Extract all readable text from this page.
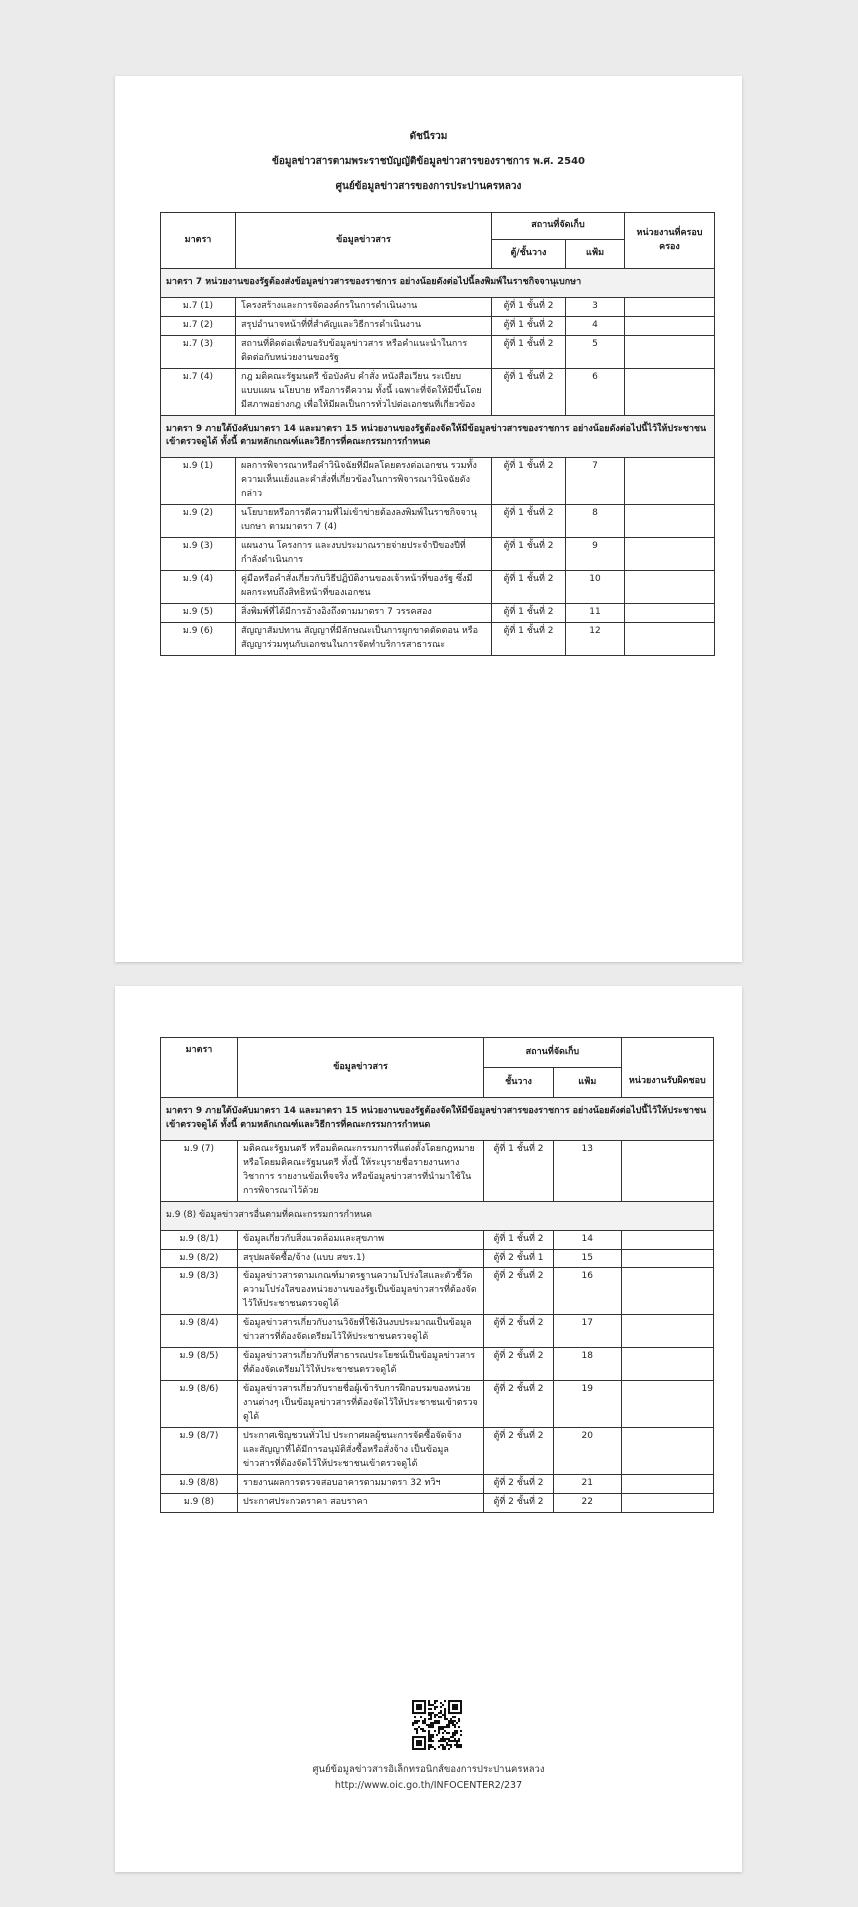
ดัชนีรวม
ข้อมูลข่าวสารตามพระราชบัญญัติข้อมูลข่าวสารของราชการ พ.ศ. 2540
ศูนย์ข้อมูลข่าวสารของการประปานครหลวง
มาตรา	ข้อมูลข่าวสาร	สถานที่จัดเก็บ		หน่วยงานที่ครอบครอง
		ตู้/ชั้นวาง	แฟ้ม	
มาตรา 7 หน่วยงานของรัฐต้องส่งข้อมูลข่าวสารของราชการ อย่างน้อยดังต่อไปนี้ลงพิมพ์ในราชกิจจานุเบกษา				
ม.7 (1)	โครงสร้างและการจัดองค์กรในการดำเนินงาน	ตู้ที่ 1 ชั้นที่ 2	3	
ม.7 (2)	สรุปอำนาจหน้าที่ที่สำคัญและวิธีการดำเนินงาน	ตู้ที่ 1 ชั้นที่ 2	4	
ม.7 (3)	สถานที่ติดต่อเพื่อขอรับข้อมูลข่าวสาร หรือคำแนะนำในการติดต่อกับหน่วยงานของรัฐ	ตู้ที่ 1 ชั้นที่ 2	5	
ม.7 (4)	กฎ มติคณะรัฐมนตรี ข้อบังคับ คำสั่ง หนังสือเวียน ระเบียบ แบบแผน นโยบาย หรือการตีความ ทั้งนี้ เฉพาะที่จัดให้มีขึ้นโดยมีสภาพอย่างกฎ เพื่อให้มีผลเป็นการทั่วไปต่อเอกชนที่เกี่ยวข้อง	ตู้ที่ 1 ชั้นที่ 2	6	
มาตรา 9 ภายใต้บังคับมาตรา 14 และมาตรา 15 หน่วยงานของรัฐต้องจัดให้มีข้อมูลข่าวสารของราชการ อย่างน้อยดังต่อไปนี้ไว้ให้ประชาชนเข้าตรวจดูได้ ทั้งนี้ ตามหลักเกณฑ์และวิธีการที่คณะกรรมการกำหนด				
ม.9 (1)	ผลการพิจารณาหรือคำวินิจฉัยที่มีผลโดยตรงต่อเอกชน รวมทั้งความเห็นแย้งและคำสั่งที่เกี่ยวข้องในการพิจารณาวินิจฉัยดังกล่าว	ตู้ที่ 1 ชั้นที่ 2	7	
ม.9 (2)	นโยบายหรือการตีความที่ไม่เข้าข่ายต้องลงพิมพ์ในราชกิจจานุเบกษา ตามมาตรา 7 (4)	ตู้ที่ 1 ชั้นที่ 2	8	
ม.9 (3)	แผนงาน โครงการ และงบประมาณรายจ่ายประจำปีของปีที่กำลังดำเนินการ	ตู้ที่ 1 ชั้นที่ 2	9	
ม.9 (4)	คู่มือหรือคำสั่งเกี่ยวกับวิธีปฏิบัติงานของเจ้าหน้าที่ของรัฐ ซึ่งมีผลกระทบถึงสิทธิหน้าที่ของเอกชน	ตู้ที่ 1 ชั้นที่ 2	10	
ม.9 (5)	สิ่งพิมพ์ที่ได้มีการอ้างอิงถึงตามมาตรา 7 วรรคสอง	ตู้ที่ 1 ชั้นที่ 2	11	
ม.9 (6)	สัญญาสัมปทาน สัญญาที่มีลักษณะเป็นการผูกขาดตัดตอน หรือสัญญาร่วมทุนกับเอกชนในการจัดทำบริการสาธารณะ	ตู้ที่ 1 ชั้นที่ 2	12	
มาตรา	ข้อมูลข่าวสาร	สถานที่จัดเก็บ		หน่วยงานรับผิดชอบ
		ชั้นวาง	แฟ้ม	
มาตรา 9 ภายใต้บังคับมาตรา 14 และมาตรา 15 หน่วยงานของรัฐต้องจัดให้มีข้อมูลข่าวสารของราชการ อย่างน้อยดังต่อไปนี้ไว้ให้ประชาชนเข้าตรวจดูได้ ทั้งนี้ ตามหลักเกณฑ์และวิธีการที่คณะกรรมการกำหนด				
ม.9 (7)	มติคณะรัฐมนตรี หรือมติคณะกรรมการที่แต่งตั้งโดยกฎหมาย หรือโดยมติคณะรัฐมนตรี ทั้งนี้ ให้ระบุรายชื่อรายงานทางวิชาการ รายงานข้อเท็จจริง หรือข้อมูลข่าวสารที่นำมาใช้ในการพิจารณาไว้ด้วย	ตู้ที่ 1 ชั้นที่ 2	13	
ม.9 (8) ข้อมูลข่าวสารอื่นตามที่คณะกรรมการกำหนด				
ม.9 (8/1)	ข้อมูลเกี่ยวกับสิ่งแวดล้อมและสุขภาพ	ตู้ที่ 1 ชั้นที่ 2	14	
ม.9 (8/2)	สรุปผลจัดซื้อ/จ้าง (แบบ สขร.1)	ตู้ที่ 2 ชั้นที่ 1	15	
ม.9 (8/3)	ข้อมูลข่าวสารตามเกณฑ์มาตรฐานความโปร่งใสและตัวชี้วัดความโปร่งใสของหน่วยงานของรัฐเป็นข้อมูลข่าวสารที่ต้องจัดไว้ให้ประชาชนตรวจดูได้	ตู้ที่ 2 ชั้นที่ 2	16	
ม.9 (8/4)	ข้อมูลข่าวสารเกี่ยวกับงานวิจัยที่ใช้เงินงบประมาณเป็นข้อมูลข่าวสารที่ต้องจัดเตรียมไว้ให้ประชาชนตรวจดูได้	ตู้ที่ 2 ชั้นที่ 2	17	
ม.9 (8/5)	ข้อมูลข่าวสารเกี่ยวกับที่สาธารณประโยชน์เป็นข้อมูลข่าวสารที่ต้องจัดเตรียมไว้ให้ประชาชนตรวจดูได้	ตู้ที่ 2 ชั้นที่ 2	18	
ม.9 (8/6)	ข้อมูลข่าวสารเกี่ยวกับรายชื่อผู้เข้ารับการฝึกอบรมของหน่วยงานต่างๆ เป็นข้อมูลข่าวสารที่ต้องจัดไว้ให้ประชาชนเข้าตรวจดูได้	ตู้ที่ 2 ชั้นที่ 2	19	
ม.9 (8/7)	ประกาศเชิญชวนทั่วไป ประกาศผลผู้ชนะการจัดซื้อจัดจ้าง และสัญญาที่ได้มีการอนุมัติสั่งซื้อหรือสั่งจ้าง เป็นข้อมูลข่าวสารที่ต้องจัดไว้ให้ประชาชนเข้าตรวจดูได้	ตู้ที่ 2 ชั้นที่ 2	20	
ม.9 (8/8)	รายงานผลการตรวจสอบอาคารตามมาตรา 32 ทวิฯ	ตู้ที่ 2 ชั้นที่ 2	21	
ม.9 (8)	ประกาศประกวดราคา สอบราคา	ตู้ที่ 2 ชั้นที่ 2	22	
ศูนย์ข้อมูลข่าวสารอิเล็กทรอนิกส์ของการประปานครหลวง
http://www.oic.go.th/INFOCENTER2/237
